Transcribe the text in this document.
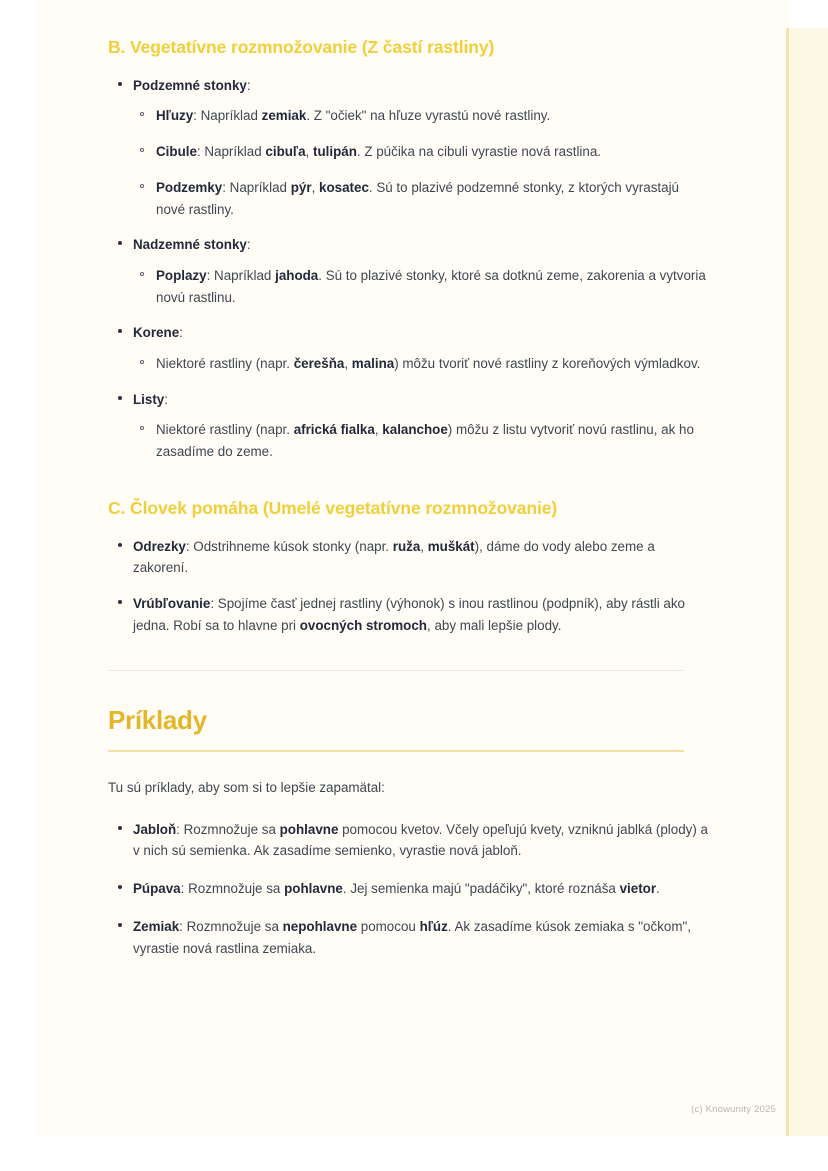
B. Vegetatívne rozmnožovanie (Z častí rastliny)
Podzemné stonky:
Hľuzy: Napríklad zemiak. Z "očiek" na hľuze vyrastú nové rastliny.
Cibule: Napríklad cibuľa, tulipán. Z púčika na cibuli vyrastie nová rastlina.
Podzemky: Napríklad pýr, kosatec. Sú to plazivé podzemné stonky, z ktorých vyrastajú nové rastliny.
Nadzemné stonky:
Poplazy: Napríklad jahoda. Sú to plazivé stonky, ktoré sa dotknú zeme, zakorenia a vytvoria novú rastlinu.
Korene:
Niektoré rastliny (napr. čerešňa, malina) môžu tvoriť nové rastliny z koreňových výmladkov.
Listy:
Niektoré rastliny (napr. africká fialka, kalanchoe) môžu z listu vytvoriť novú rastlinu, ak ho zasadíme do zeme.
C. Človek pomáha (Umelé vegetatívne rozmnožovanie)
Odrezky: Odstrihneme kúsok stonky (napr. ruža, muškát), dáme do vody alebo zeme a zakorení.
Vrúbľovanie: Spojíme časť jednej rastliny (výhonok) s inou rastlinou (podpník), aby rástli ako jedna. Robí sa to hlavne pri ovocných stromoch, aby mali lepšie plody.
Príklady

Tu sú príklady, aby som si to lepšie zapamätal:

Jabloň: Rozmnožuje sa pohlavne pomocou kvetov. Včely opeľujú kvety, vzniknú jablká (plody) a v nich sú semienka. Ak zasadíme semienko, vyrastie nová jabloň.
Púpava: Rozmnožuje sa pohlavne. Jej semienka majú "padáčiky", ktoré roznáša vietor.
Zemiak: Rozmnožuje sa nepohlavne pomocou hľúz. Ak zasadíme kúsok zemiaka s "očkom", vyrastie nová rastlina zemiaka.
(c) Knowunity 2025
